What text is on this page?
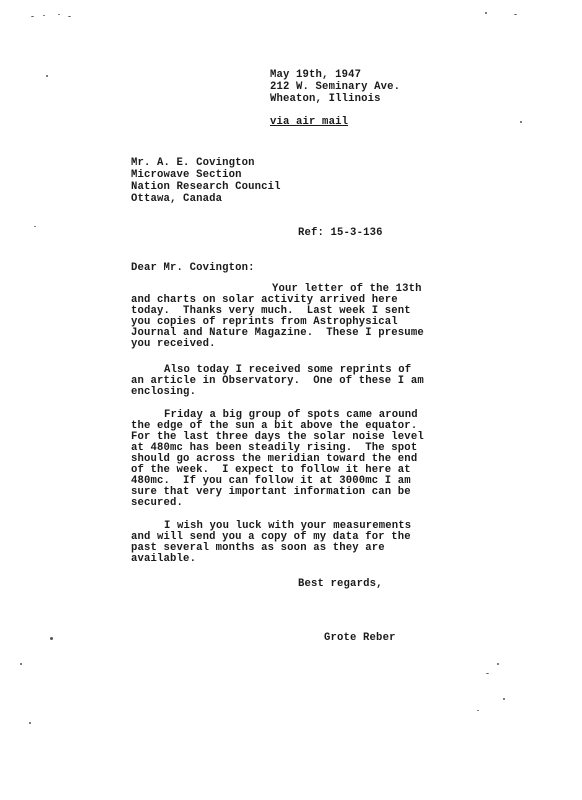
May 19th, 1947
212 W. Seminary Ave.
Wheaton, Illinois
via air mail
Mr. A. E. Covington
Microwave Section
Nation Research Council
Ottawa, Canada
Ref: 15-3-136
Dear Mr. Covington:
Your letter of the 13th
and charts on solar activity arrived here
today.  Thanks very much.  Last week I sent
you copies of reprints from Astrophysical
Journal and Nature Magazine.  These I presume
you received.
Also today I received some reprints of
an article in Observatory.  One of these I am
enclosing.
Friday a big group of spots came around
the edge of the sun a bit above the equator.
For the last three days the solar noise level
at 480mc has been steadily rising.  The spot
should go across the meridian toward the end
of the week.  I expect to follow it here at
480mc.  If you can follow it at 3000mc I am
sure that very important information can be
secured.
I wish you luck with your measurements
and will send you a copy of my data for the
past several months as soon as they are
available.
Best regards,
Grote Reber
